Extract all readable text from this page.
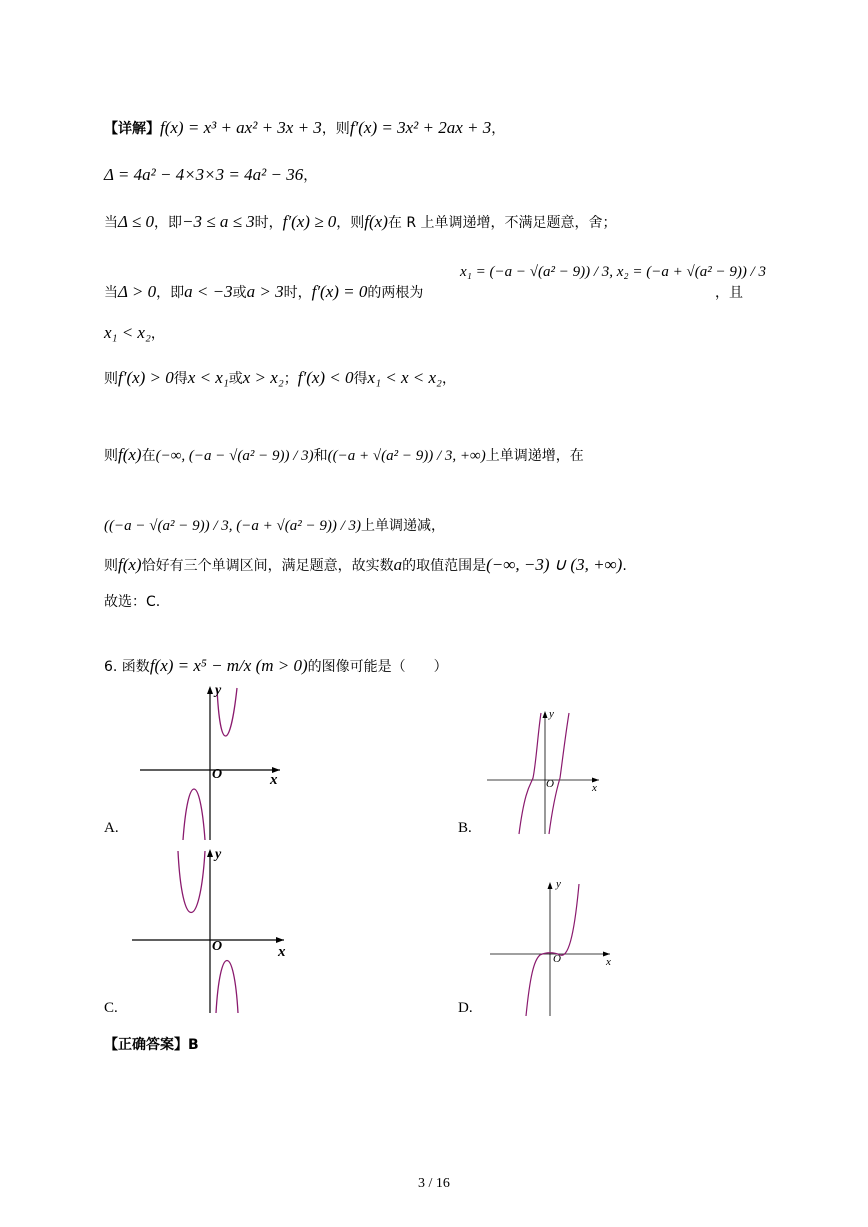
【详解】f(x) = x³ + ax² + 3x + 3，则f′(x) = 3x² + 2ax + 3，
Δ = 4a² − 4×3×3 = 4a² − 36，
当Δ ≤ 0，即−3 ≤ a ≤ 3时，f′(x) ≥ 0，则f(x)在 R 上单调递增，不满足题意，舍；
当Δ > 0，即a < −3或a > 3时，f′(x) = 0的两根为
x₁ = (−a − √(a² − 9)) / 3, x₂ = (−a + √(a² − 9)) / 3
，且
x₁ < x₂，
则f′(x) > 0得x < x₁或x > x₂；f′(x) < 0得x₁ < x < x₂，
则f(x)在(−∞, (−a − √(a² − 9)) / 3)和((−a + √(a² − 9)) / 3, +∞)上单调递增，在
((−a − √(a² − 9)) / 3, (−a + √(a² − 9)) / 3)上单调递减，
则f(x)恰好有三个单调区间，满足题意，故实数a的取值范围是(−∞, −3) ∪ (3, +∞).
故选：C.
6. 函数f(x) = x⁵ − m/x (m > 0)的图像可能是（　　）
y
x
O
A.
y
x
O
B.
y
x
O
C.
y
x
O
D.
【正确答案】B
3 / 16
